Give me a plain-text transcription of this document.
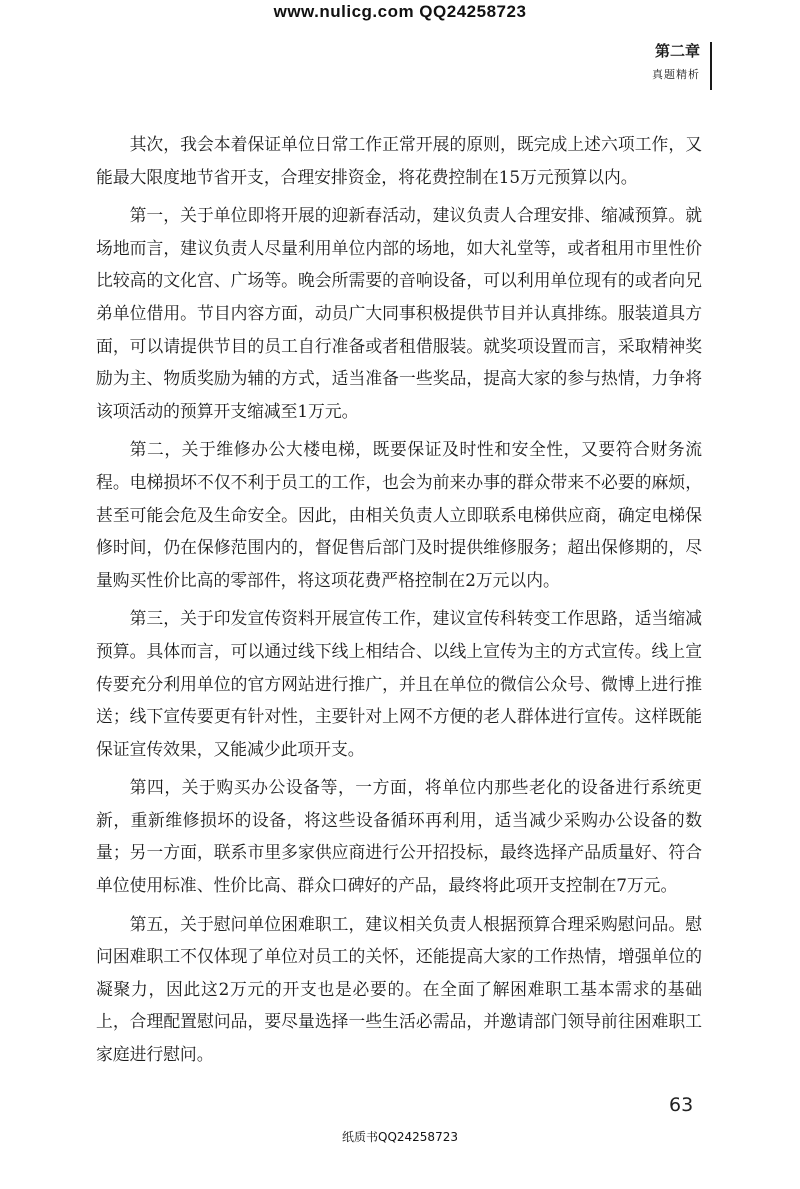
www.nulicg.com QQ24258723
第二章
真题精析

其次，我会本着保证单位日常工作正常开展的原则，既完成上述六项工作，又能最大限度地节省开支，合理安排资金，将花费控制在15万元预算以内。

第一，关于单位即将开展的迎新春活动，建议负责人合理安排、缩减预算。就场地而言，建议负责人尽量利用单位内部的场地，如大礼堂等，或者租用市里性价比较高的文化宫、广场等。晚会所需要的音响设备，可以利用单位现有的或者向兄弟单位借用。节目内容方面，动员广大同事积极提供节目并认真排练。服装道具方面，可以请提供节目的员工自行准备或者租借服装。就奖项设置而言，采取精神奖励为主、物质奖励为辅的方式，适当准备一些奖品，提高大家的参与热情，力争将该项活动的预算开支缩减至1万元。

第二，关于维修办公大楼电梯，既要保证及时性和安全性，又要符合财务流程。电梯损坏不仅不利于员工的工作，也会为前来办事的群众带来不必要的麻烦，甚至可能会危及生命安全。因此，由相关负责人立即联系电梯供应商，确定电梯保修时间，仍在保修范围内的，督促售后部门及时提供维修服务；超出保修期的，尽量购买性价比高的零部件，将这项花费严格控制在2万元以内。

第三，关于印发宣传资料开展宣传工作，建议宣传科转变工作思路，适当缩减预算。具体而言，可以通过线下线上相结合、以线上宣传为主的方式宣传。线上宣传要充分利用单位的官方网站进行推广，并且在单位的微信公众号、微博上进行推送；线下宣传要更有针对性，主要针对上网不方便的老人群体进行宣传。这样既能保证宣传效果，又能减少此项开支。

第四，关于购买办公设备等，一方面，将单位内那些老化的设备进行系统更新，重新维修损坏的设备，将这些设备循环再利用，适当减少采购办公设备的数量；另一方面，联系市里多家供应商进行公开招投标，最终选择产品质量好、符合单位使用标准、性价比高、群众口碑好的产品，最终将此项开支控制在7万元。

第五，关于慰问单位困难职工，建议相关负责人根据预算合理采购慰问品。慰问困难职工不仅体现了单位对员工的关怀，还能提高大家的工作热情，增强单位的凝聚力，因此这2万元的开支也是必要的。在全面了解困难职工基本需求的基础上，合理配置慰问品，要尽量选择一些生活必需品，并邀请部门领导前往困难职工家庭进行慰问。

63
纸质书QQ24258723
